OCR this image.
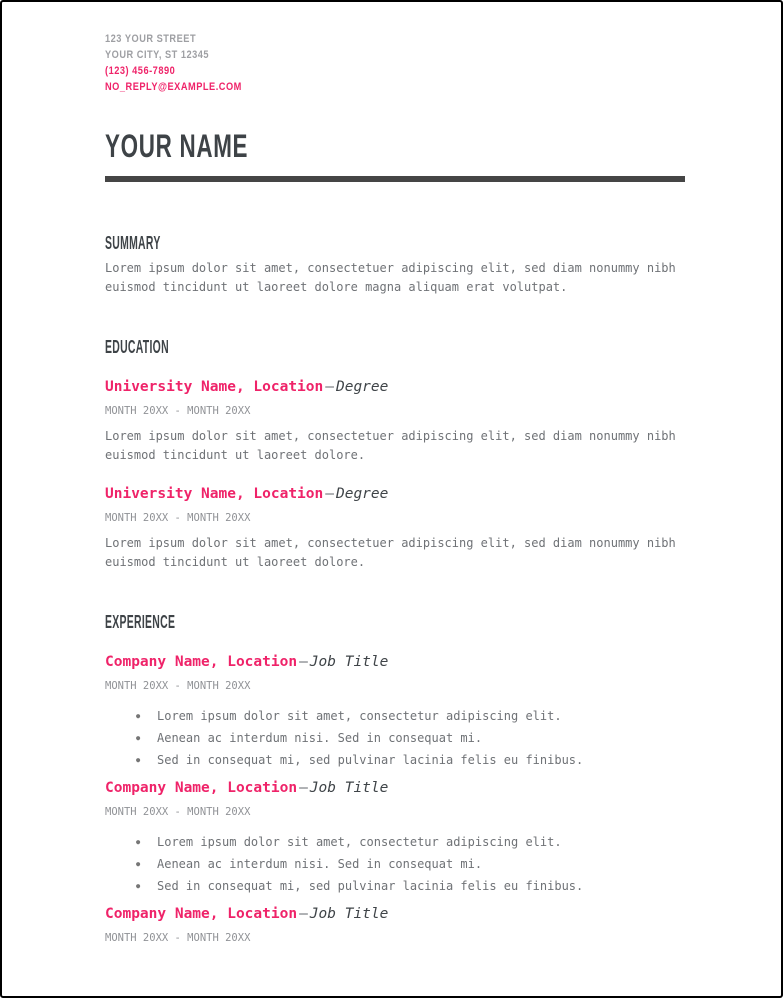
123 YOUR STREET
YOUR CITY, ST 12345
(123) 456-7890
NO_REPLY@EXAMPLE.COM
YOUR NAME
SUMMARY

Lorem ipsum dolor sit amet, consectetuer adipiscing elit, sed diam nonummy nibh euismod tincidunt ut laoreet dolore magna aliquam erat volutpat.

EDUCATION
University Name, Location — Degree
MONTH 20XX - MONTH 20XX

Lorem ipsum dolor sit amet, consectetuer adipiscing elit, sed diam nonummy nibh euismod tincidunt ut laoreet dolore.

University Name, Location — Degree
MONTH 20XX - MONTH 20XX

Lorem ipsum dolor sit amet, consectetuer adipiscing elit, sed diam nonummy nibh euismod tincidunt ut laoreet dolore.

EXPERIENCE
Company Name, Location — Job Title
MONTH 20XX - MONTH 20XX
● Lorem ipsum dolor sit amet, consectetur adipiscing elit.
● Aenean ac interdum nisi. Sed in consequat mi.
● Sed in consequat mi, sed pulvinar lacinia felis eu finibus.
Company Name, Location — Job Title
MONTH 20XX - MONTH 20XX
● Lorem ipsum dolor sit amet, consectetur adipiscing elit.
● Aenean ac interdum nisi. Sed in consequat mi.
● Sed in consequat mi, sed pulvinar lacinia felis eu finibus.
Company Name, Location — Job Title
MONTH 20XX - MONTH 20XX
